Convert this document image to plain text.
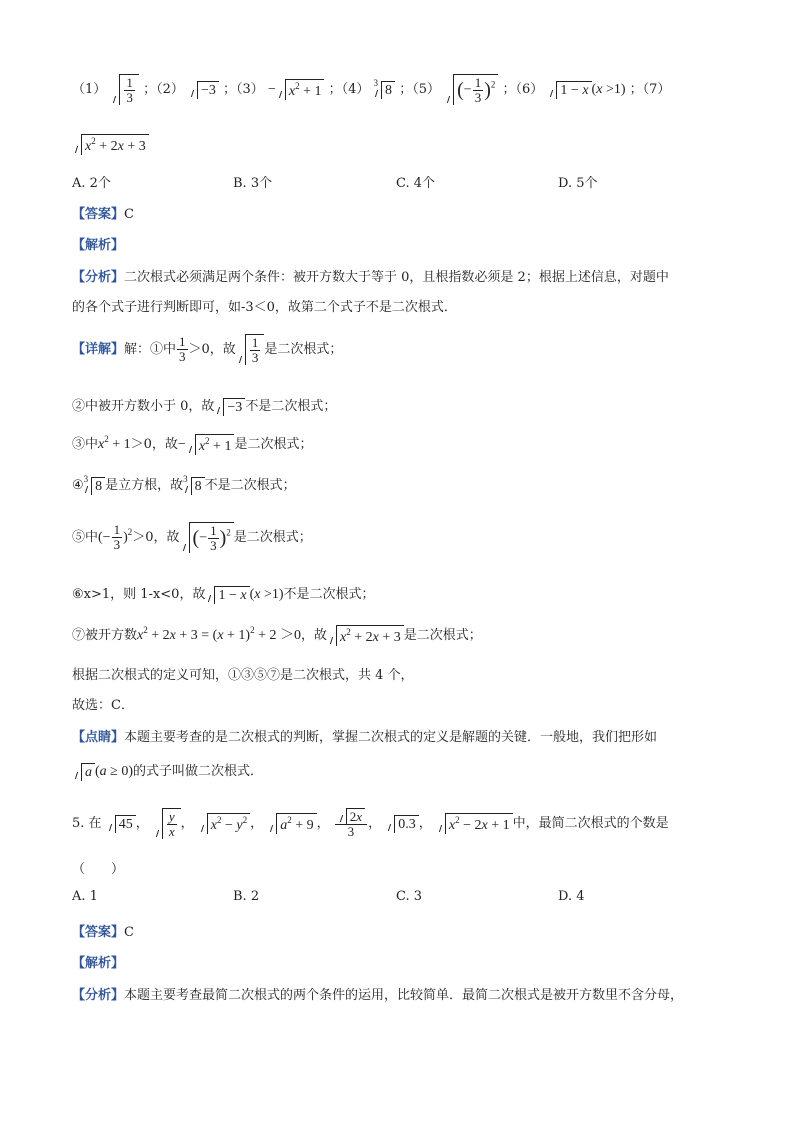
$(1) \frac{1}{3}$ ；（2） −3 ；$(3) - x^2 + 1$ ；（4） $^3$ 8 ；（5） (− $\frac{1}{3} )^2$ ；（6） 1 − x (x >1) ；（7）
$x^2 + 2x + 3$
A. 2个	B. 3个	C. 4个	D. 5个
【答案】C
【解析】
【分析】二次根式必须满足两个条件：被开方数大于等于 0，且根指数必须是 2；根据上述信息，对题中
的各个式子进行判断即可，如-3＜0，故第二个式子不是二次根式．
【详解】解：①中 $\frac{1}{3} >0$，故 $\frac{1}{3}$ 是二次根式；
②中被开方数小于 0，故 −3 不是二次根式；
③中$x^2 + 1>0$，故− $x^2 + 1$ 是二次根式；
④$^3$ 8 是立方根，故$^3$ 8 不是二次根式；
⑤中(− $\frac{1}{3} )^2>0$，故 (− $\frac{1}{3} )^2$ 是二次根式；
⑥x>1，则 1-x<0，故 1 − x (x >1)不是二次根式；
⑦被开方数$x^2 + 2x + 3 = (x + 1)^2 + 2 >0$，故 $x^2 + 2x + 3$ 是二次根式；
根据二次根式的定义可知，①③⑤⑦是二次根式，共 4 个，
故选：C．
【点睛】本题主要考查的是二次根式的判断，掌握二次根式的定义是解题的关键．一般地，我们把形如
a (a ≥ 0)的式子叫做二次根式．
5. 在 45 ， $\frac{y}{x}$ ， $x^2 - y^2$ ， $a^2 + 9$ ， $\frac{2x}{3}$ ， 0.3 ， $x^2 - 2x + 1$ 中，最简二次根式的个数是
（　　）
A. 1	B. 2	C. 3	D. 4
【答案】C
【解析】
【分析】本题主要考查最简二次根式的两个条件的运用，比较简单．最简二次根式是被开方数里不含分母，
